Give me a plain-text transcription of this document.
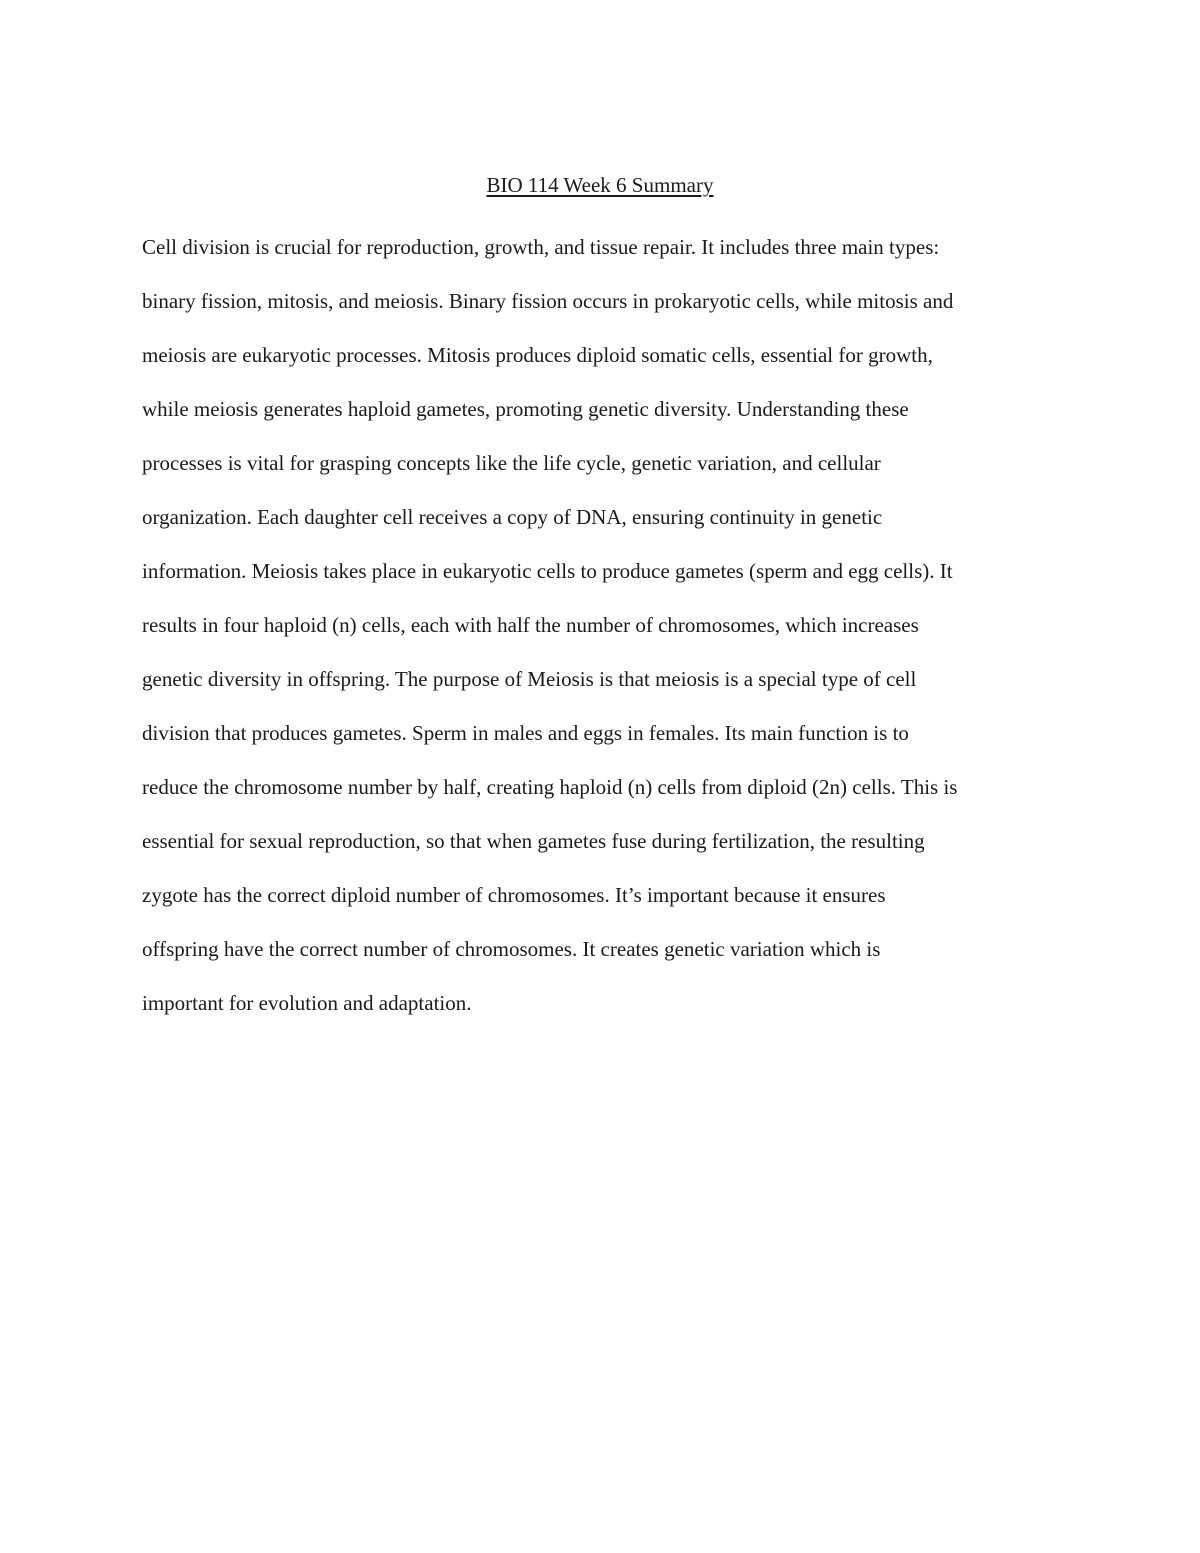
BIO 114 Week 6 Summary
Cell division is crucial for reproduction, growth, and tissue repair. It includes three main types:
binary fission, mitosis, and meiosis. Binary fission occurs in prokaryotic cells, while mitosis and
meiosis are eukaryotic processes. Mitosis produces diploid somatic cells, essential for growth,
while meiosis generates haploid gametes, promoting genetic diversity. Understanding these
processes is vital for grasping concepts like the life cycle, genetic variation, and cellular
organization. Each daughter cell receives a copy of DNA, ensuring continuity in genetic
information. Meiosis takes place in eukaryotic cells to produce gametes (sperm and egg cells). It
results in four haploid (n) cells, each with half the number of chromosomes, which increases
genetic diversity in offspring. The purpose of Meiosis is that meiosis is a special type of cell
division that produces gametes. Sperm in males and eggs in females. Its main function is to
reduce the chromosome number by half, creating haploid (n) cells from diploid (2n) cells. This is
essential for sexual reproduction, so that when gametes fuse during fertilization, the resulting
zygote has the correct diploid number of chromosomes. It’s important because it ensures
offspring have the correct number of chromosomes. It creates genetic variation which is
important for evolution and adaptation.
